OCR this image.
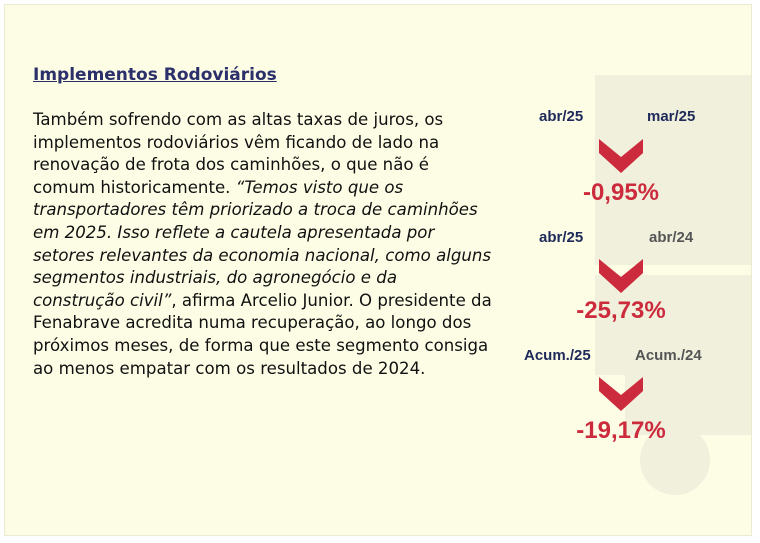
Implementos Rodoviários

Também sofrendo com as altas taxas de juros, os implementos rodoviários vêm ficando de lado na renovação de frota dos caminhões, o que não é comum historicamente. “Temos visto que os transportadores têm priorizado a troca de caminhões em 2025. Isso reflete a cautela apresentada por setores relevantes da economia nacional, como alguns segmentos industriais, do agronegócio e da construção civil”, afirma Arcelio Junior. O presidente da Fenabrave acredita numa recuperação, ao longo dos próximos meses, de forma que este segmento consiga ao menos empatar com os resultados de 2024.

abr/25	mar/25
-0,95%
abr/25	abr/24
-25,73%
Acum./25	Acum./24
-19,17%
